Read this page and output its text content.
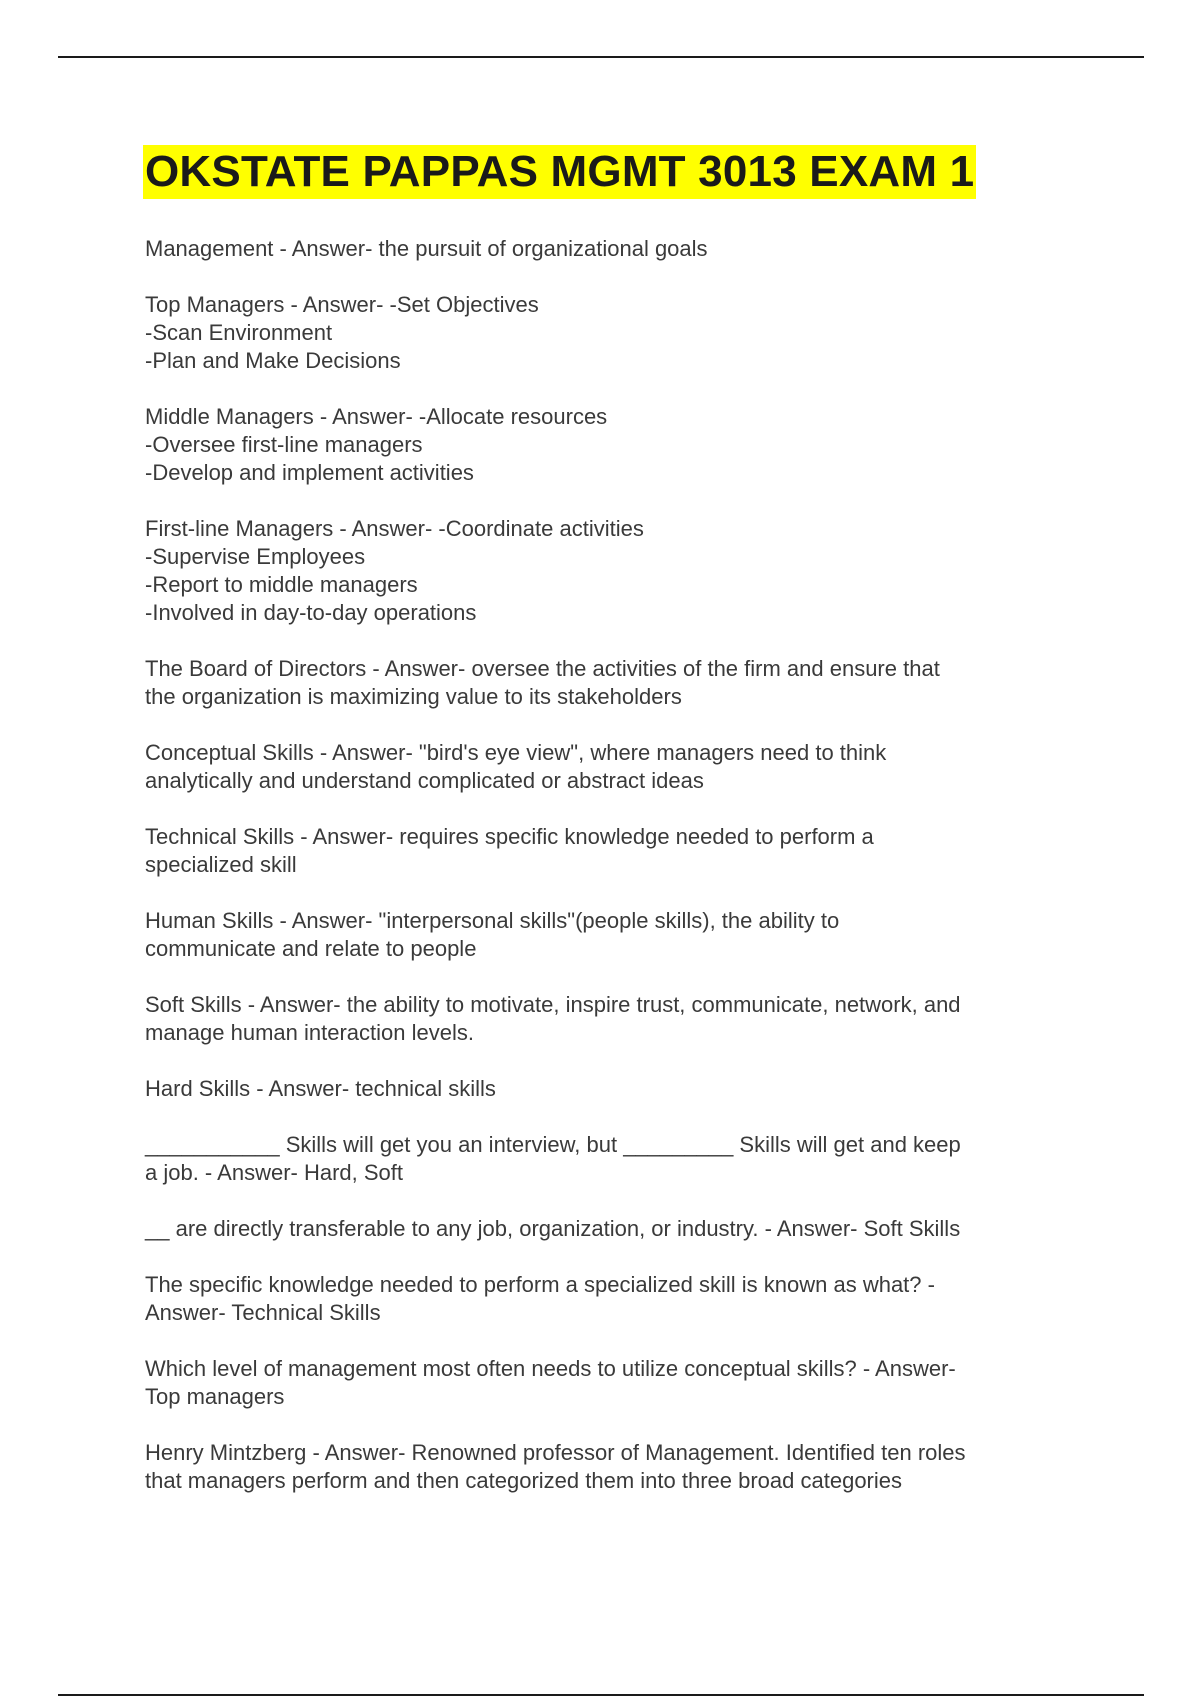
OKSTATE PAPPAS MGMT 3013 EXAM 1
Management - Answer- the pursuit of organizational goals
Top Managers - Answer- -Set Objectives
-Scan Environment
-Plan and Make Decisions
Middle Managers - Answer- -Allocate resources
-Oversee first-line managers
-Develop and implement activities
First-line Managers - Answer- -Coordinate activities
-Supervise Employees
-Report to middle managers
-Involved in day-to-day operations
The Board of Directors - Answer- oversee the activities of the firm and ensure that
the organization is maximizing value to its stakeholders
Conceptual Skills - Answer- "bird's eye view", where managers need to think
analytically and understand complicated or abstract ideas
Technical Skills - Answer- requires specific knowledge needed to perform a
specialized skill
Human Skills - Answer- "interpersonal skills"(people skills), the ability to
communicate and relate to people
Soft Skills - Answer- the ability to motivate, inspire trust, communicate, network, and
manage human interaction levels.
Hard Skills - Answer- technical skills
___________ Skills will get you an interview, but _________ Skills will get and keep
a job. - Answer- Hard, Soft
__ are directly transferable to any job, organization, or industry. - Answer- Soft Skills
The specific knowledge needed to perform a specialized skill is known as what? -
Answer- Technical Skills
Which level of management most often needs to utilize conceptual skills? - Answer-
Top managers
Henry Mintzberg - Answer- Renowned professor of Management. Identified ten roles
that managers perform and then categorized them into three broad categories
